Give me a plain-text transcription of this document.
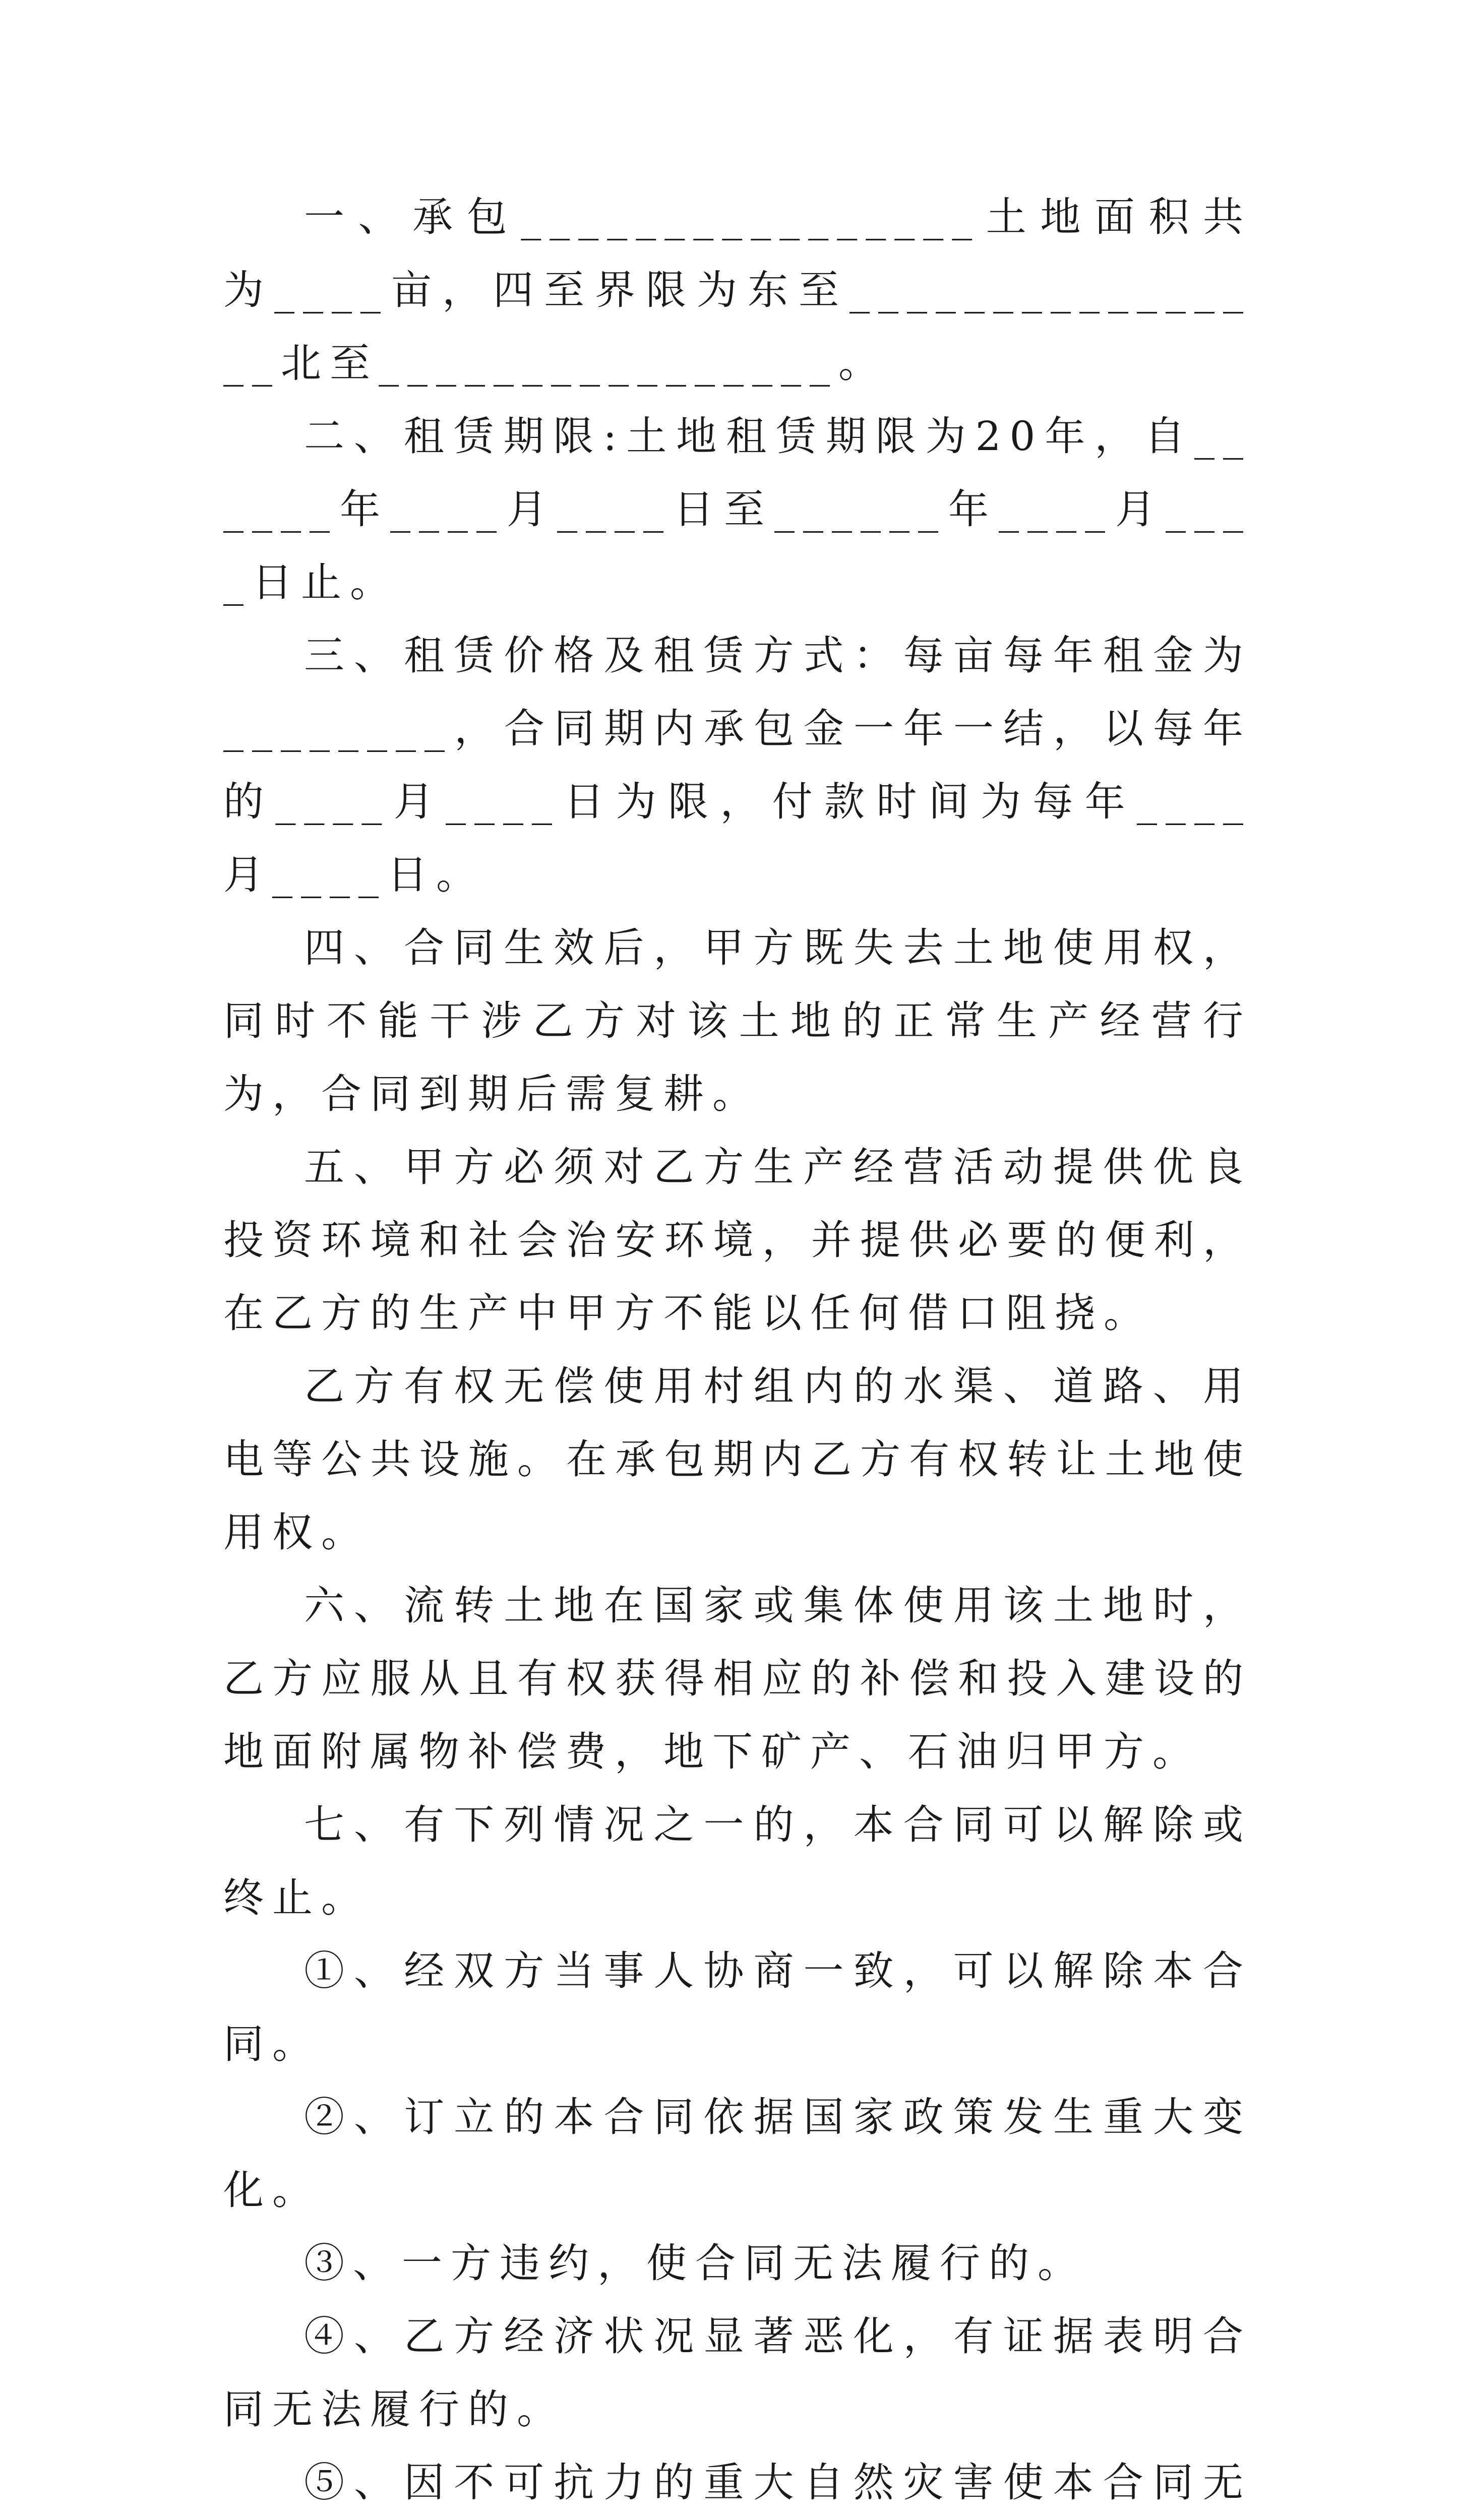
一、承包________________土地面积共为____亩，四至界限为东至________________北至________________。

二、租赁期限:土地租赁期限为20年，自______年____月____日至______年____月____日止。

三、租赁价格及租赁方式：每亩每年租金为________，合同期内承包金一年一结，以每年的____月____日为限，付款时间为每年____月____日。

四、合同生效后，甲方既失去土地使用权，同时不能干涉乙方对该土地的正常生产经营行为，合同到期后需复耕。

五、甲方必须对乙方生产经营活动提供优良投资环境和社会治安环境，并提供必要的便利，在乙方的生产中甲方不能以任何借口阻挠。

乙方有权无偿使用村组内的水渠、道路、用电等公共设施。在承包期内乙方有权转让土地使用权。

六、流转土地在国家或集体使用该土地时，乙方应服从且有权获得相应的补偿和投入建设的地面附属物补偿费，地下矿产、石油归甲方。

七、有下列情况之一的，本合同可以解除或终止。

①、经双方当事人协商一致，可以解除本合同。

②、订立的本合同依据国家政策发生重大变化。

③、一方违约，使合同无法履行的。

④、乙方经济状况显著恶化，有证据表明合同无法履行的。

⑤、因不可抗力的重大自然灾害使本合同无
